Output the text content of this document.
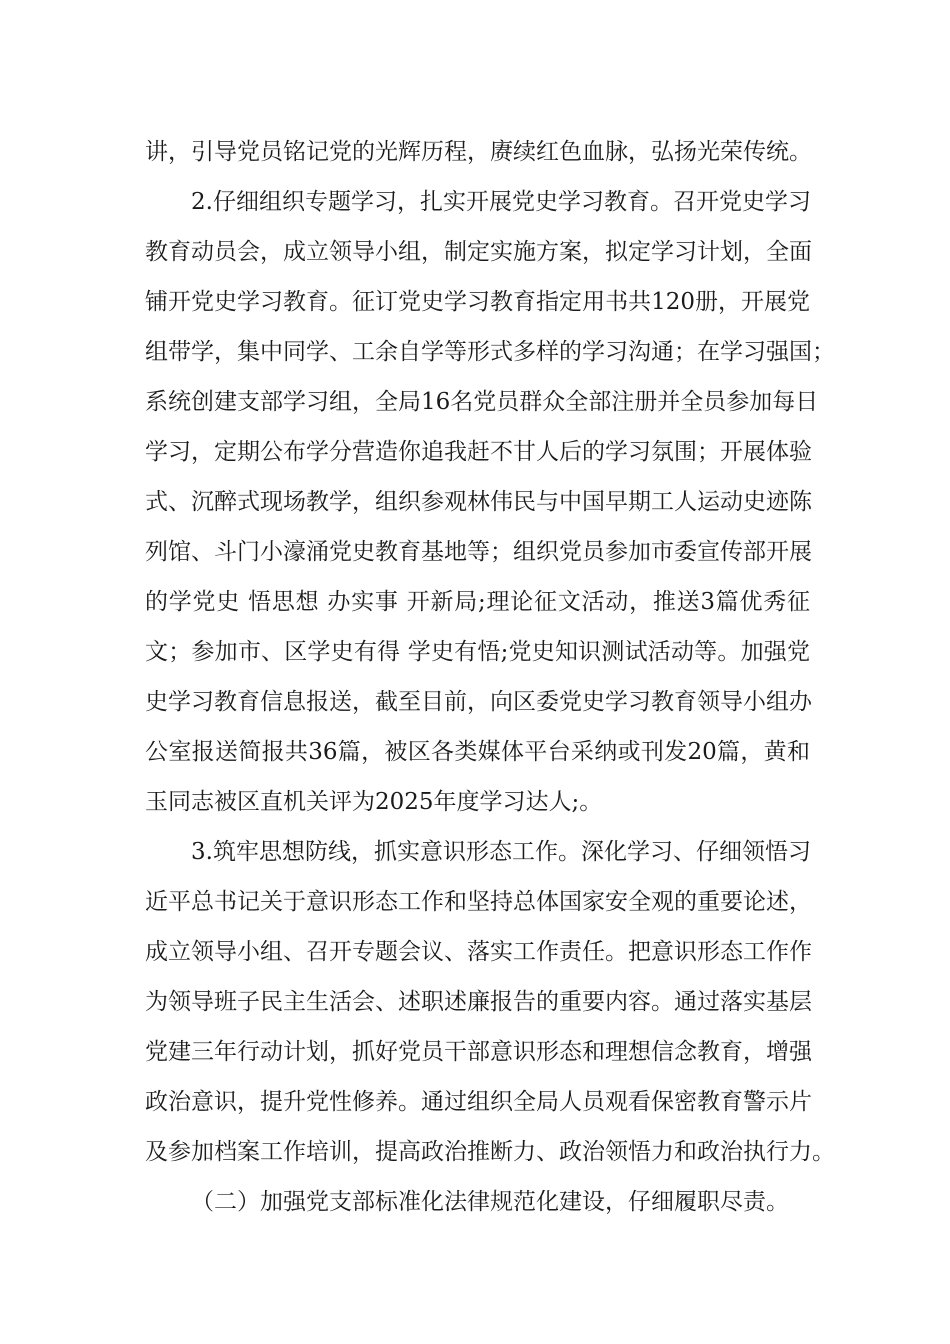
讲，引导党员铭记党的光辉历程，赓续红色血脉，弘扬光荣传统。
2.仔细组织专题学习，扎实开展党史学习教育。召开党史学习
教育动员会，成立领导小组，制定实施方案，拟定学习计划，全面
铺开党史学习教育。征订党史学习教育指定用书共120册，开展党
组带学，集中同学、工余自学等形式多样的学习沟通；在学习强国；
系统创建支部学习组，全局16名党员群众全部注册并全员参加每日
学习，定期公布学分营造你追我赶不甘人后的学习氛围；开展体验
式、沉醉式现场教学，组织参观林伟民与中国早期工人运动史迹陈
列馆、斗门小濠涌党史教育基地等；组织党员参加市委宣传部开展
的学党史 悟思想 办实事 开新局;理论征文活动，推送3篇优秀征
文；参加市、区学史有得 学史有悟;党史知识测试活动等。加强党
史学习教育信息报送，截至目前，向区委党史学习教育领导小组办
公室报送简报共36篇，被区各类媒体平台采纳或刊发20篇，黄和
玉同志被区直机关评为2025年度学习达人;。
3.筑牢思想防线，抓实意识形态工作。深化学习、仔细领悟习
近平总书记关于意识形态工作和坚持总体国家安全观的重要论述，
成立领导小组、召开专题会议、落实工作责任。把意识形态工作作
为领导班子民主生活会、述职述廉报告的重要内容。通过落实基层
党建三年行动计划，抓好党员干部意识形态和理想信念教育，增强
政治意识，提升党性修养。通过组织全局人员观看保密教育警示片
及参加档案工作培训，提高政治推断力、政治领悟力和政治执行力。
（二）加强党支部标准化法律规范化建设，仔细履职尽责。
